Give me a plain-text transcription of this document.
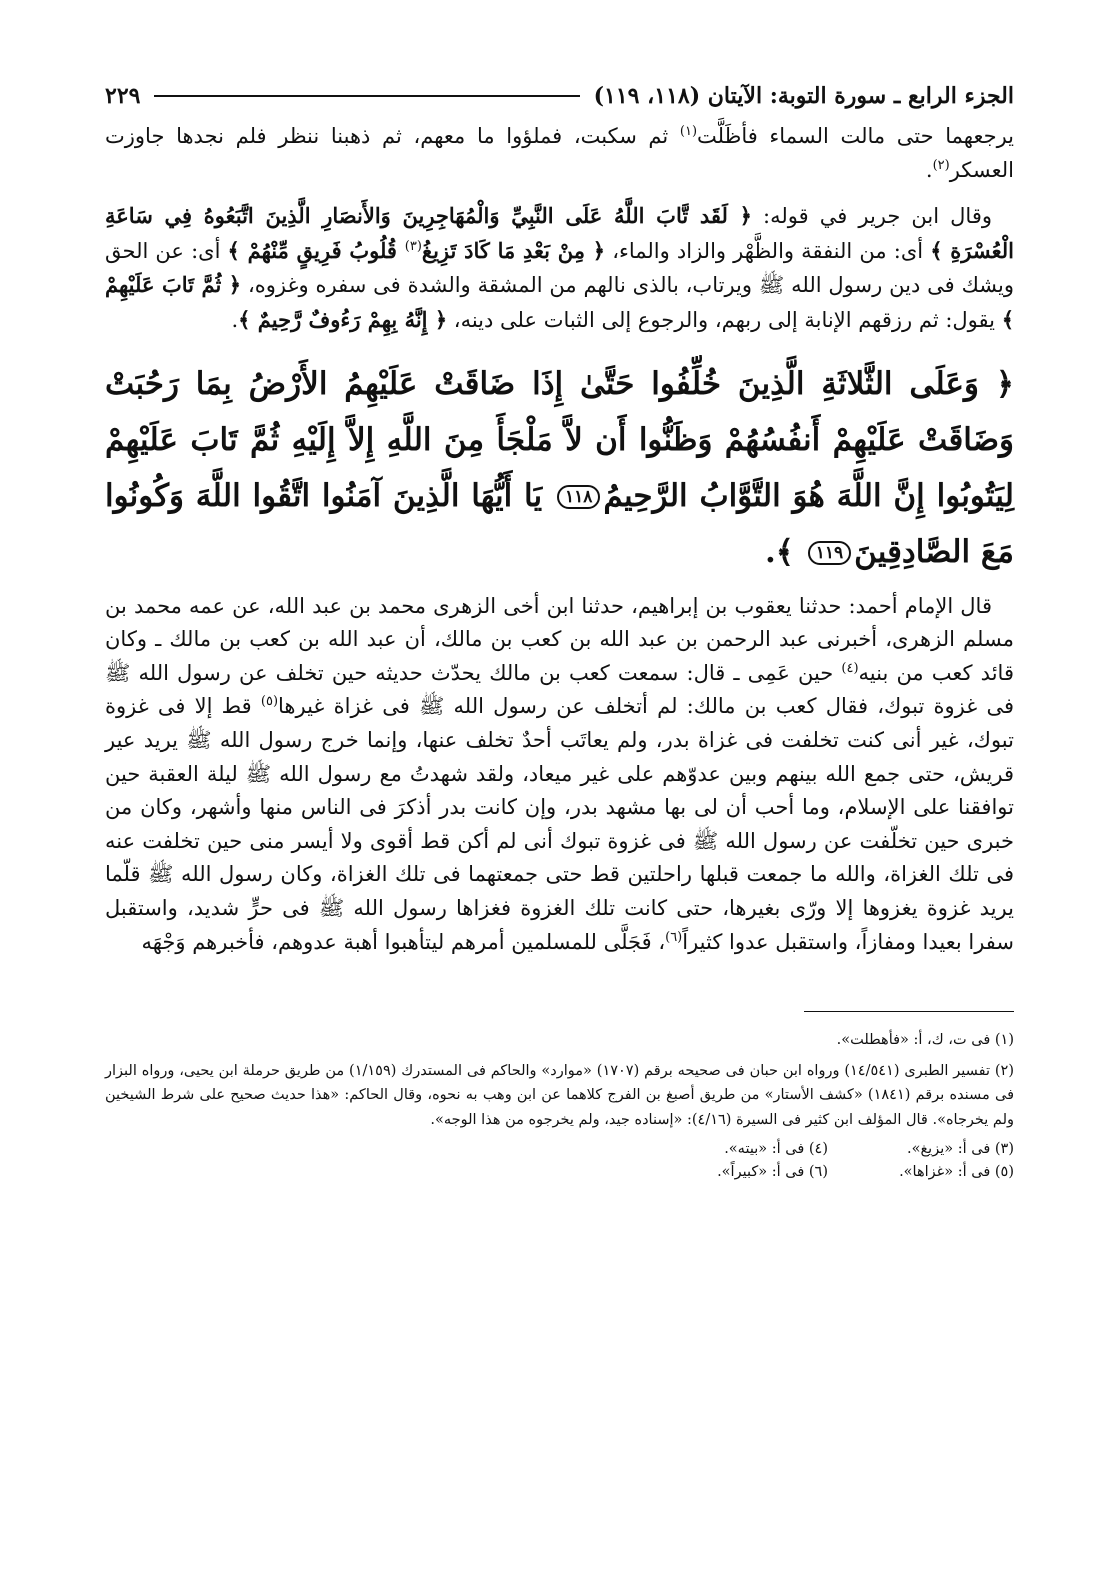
الجزء الرابع ـ سورة التوبة: الآيتان (١١٨، ١١٩)
٢٢٩

يرجعهما حتى مالت السماء فأظَلَّت$^{(١)}$ ثم سكبت، فملؤوا ما معهم، ثم ذهبنا ننظر فلم نجدها جاوزت العسكر$^{(٢)}$.

وقال ابن جرير في قوله: ﴿ لَقَد تَّابَ اللَّهُ عَلَى النَّبِيِّ وَالْمُهَاجِرِينَ وَالأَنصَارِ الَّذِينَ اتَّبَعُوهُ فِي سَاعَةِ الْعُسْرَةِ ﴾ أى: من النفقة والظَّهْر والزاد والماء، ﴿ مِنْ بَعْدِ مَا كَادَ تَزِيغُ$^{(٣)}$ قُلُوبُ فَرِيقٍ مِّنْهُمْ ﴾ أى: عن الحق ويشك فى دين رسول الله ﷺ ويرتاب، بالذى نالهم من المشقة والشدة فى سفره وغزوه، ﴿ ثُمَّ تَابَ عَلَيْهِمْ ﴾ يقول: ثم رزقهم الإنابة إلى ربهم، والرجوع إلى الثبات على دينه، ﴿ إِنَّهُ بِهِمْ رَءُوفٌ رَّحِيمٌ ﴾.

﴿ وَعَلَى الثَّلاثَةِ الَّذِينَ خُلِّفُوا حَتَّىٰ إِذَا ضَاقَتْ عَلَيْهِمُ الأَرْضُ بِمَا رَحُبَتْ وَضَاقَتْ عَلَيْهِمْ أَنفُسُهُمْ وَظَنُّوا أَن لاَّ مَلْجَأَ مِنَ اللَّهِ إِلاَّ إِلَيْهِ ثُمَّ تَابَ عَلَيْهِمْ لِيَتُوبُوا إِنَّ اللَّهَ هُوَ التَّوَّابُ الرَّحِيمُ١١٨ يَا أَيُّهَا الَّذِينَ آمَنُوا اتَّقُوا اللَّهَ وَكُونُوا مَعَ الصَّادِقِينَ١١٩ ﴾.

قال الإمام أحمد: حدثنا يعقوب بن إبراهيم، حدثنا ابن أخى الزهرى محمد بن عبد الله، عن عمه محمد بن مسلم الزهرى، أخبرنى عبد الرحمن بن عبد الله بن كعب بن مالك، أن عبد الله بن كعب بن مالك ـ وكان قائد كعب من بنيه$^{(٤)}$ حين عَمِى ـ قال: سمعت كعب بن مالك يحدّث حديثه حين تخلف عن رسول الله ﷺ فى غزوة تبوك، فقال كعب بن مالك: لم أتخلف عن رسول الله ﷺ فى غزاة غيرها$^{(٥)}$ قط إلا فى غزوة تبوك، غير أنى كنت تخلفت فى غزاة بدر، ولم يعاتَب أحدٌ تخلف عنها، وإنما خرج رسول الله ﷺ يريد عير قريش، حتى جمع الله بينهم وبين عدوّهم على غير ميعاد، ولقد شهدتُ مع رسول الله ﷺ ليلة العقبة حين توافقنا على الإسلام، وما أحب أن لى بها مشهد بدر، وإن كانت بدر أذكرَ فى الناس منها وأشهر، وكان من خبرى حين تخلّفت عن رسول الله ﷺ فى غزوة تبوك أنى لم أكن قط أقوى ولا أيسر منى حين تخلفت عنه فى تلك الغزاة، والله ما جمعت قبلها راحلتين قط حتى جمعتهما فى تلك الغزاة، وكان رسول الله ﷺ قلّما يريد غزوة يغزوها إلا ورّى بغيرها، حتى كانت تلك الغزوة فغزاها رسول الله ﷺ فى حرٍّ شديد، واستقبل سفرا بعيدا ومفازاً، واستقبل عدوا كثيراً$^{(٦)}$، فَجَلَّى للمسلمين أمرهم ليتأهبوا أهبة عدوهم، فأخبرهم وَجْهَه

(١) فى ت، ك، أ: «فأهطلت».

(٢) تفسير الطبرى (١٤/٥٤١) ورواه ابن حبان فى صحيحه برقم (١٧٠٧) «موارد» والحاكم فى المستدرك (١/١٥٩) من طريق حرملة ابن يحيى، ورواه البزار فى مسنده برقم (١٨٤١) «كشف الأستار» من طريق أصبغ بن الفرج كلاهما عن ابن وهب به نحوه، وقال الحاكم: «هذا حديث صحيح على شرط الشيخين ولم يخرجاه». قال المؤلف ابن كثير فى السيرة (٤/١٦): «إسناده جيد، ولم يخرجوه من هذا الوجه».

(٣) فى أ: «يزيغ».
(٤) فى أ: «بيته».
(٥) فى أ: «غزاها».
(٦) فى أ: «كبيراً».
